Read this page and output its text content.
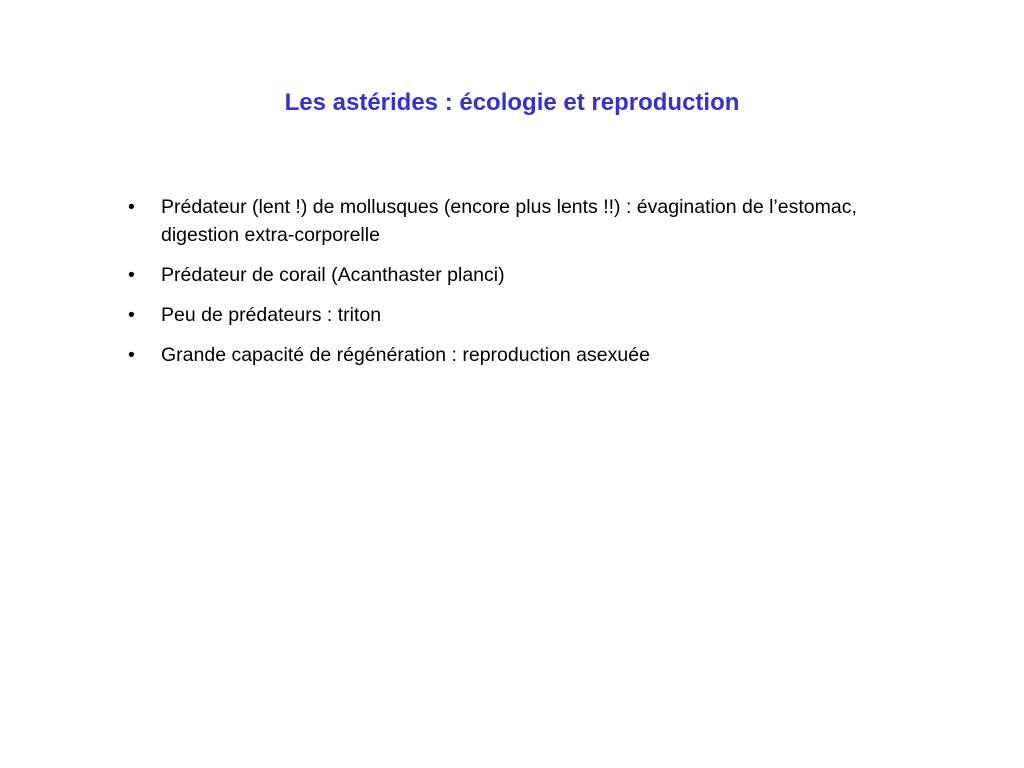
Les astérides : écologie et reproduction
•	Prédateur (lent !) de mollusques (encore plus lents !!) : évagination de l’estomac, digestion extra-corporelle
•	Prédateur de corail (Acanthaster planci)
•	Peu de prédateurs : triton
•	Grande capacité de régénération : reproduction asexuée
